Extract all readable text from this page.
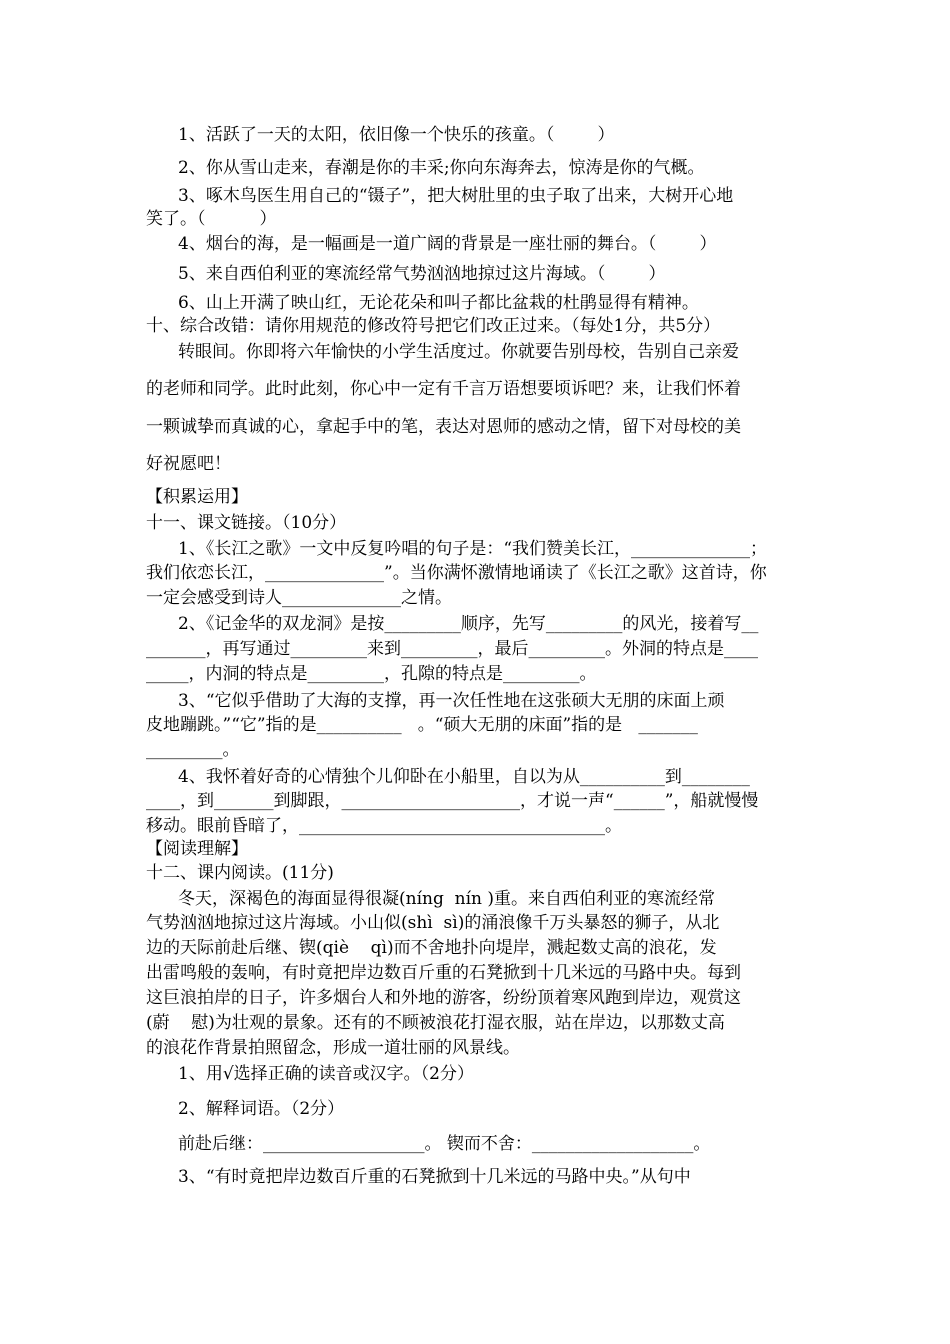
1、活跃了一天的太阳，依旧像一个快乐的孩童。（        ）
2、你从雪山走来，春潮是你的丰采;你向东海奔去，惊涛是你的气概。
3、啄木鸟医生用自己的“镊子”，把大树肚里的虫子取了出来，大树开心地
笑了。（          ）
4、烟台的海，是一幅画是一道广阔的背景是一座壮丽的舞台。（        ）
5、来自西伯利亚的寒流经常气势汹汹地掠过这片海域。（        ）
6、山上开满了映山红，无论花朵和叫子都比盆栽的杜鹃显得有精神。
十、综合改错：请你用规范的修改符号把它们改正过来。（每处1分，共5分）
转眼间。你即将六年愉快的小学生活度过。你就要告别母校，告别自己亲爱
的老师和同学。此时此刻，你心中一定有千言万语想要顷诉吧？来，让我们怀着
一颗诚挚而真诚的心，拿起手中的笔，表达对恩师的感动之情，留下对母校的美
好祝愿吧！
【积累运用】
十一、课文链接。（10分）
1、《长江之歌》一文中反复吟唱的句子是：“我们赞美长江，______________；
我们依恋长江，______________”。当你满怀激情地诵读了《长江之歌》这首诗，你
一定会感受到诗人______________之情。
2、《记金华的双龙洞》是按_________顺序，先写_________的风光，接着写__
_______，再写通过_________来到_________，最后_________。外洞的特点是____
_____，内洞的特点是_________，孔隙的特点是_________。
3、“它似乎借助了大海的支撑，再一次任性地在这张硕大无朋的床面上顽
皮地蹦跳。”“它”指的是__________   。“硕大无朋的床面”指的是   _______
_________。
4、我怀着好奇的心情独个儿仰卧在小船里，自以为从__________到________
____，到_______到脚跟，_____________________，才说一声“______”，船就慢慢
移动。眼前昏暗了，____________________________________。
【阅读理解】
十二、课内阅读。(11分)
冬天，深褐色的海面显得很凝(níng  nín )重。来自西伯利亚的寒流经常
气势汹汹地掠过这片海域。小山似(shì  sì)的涌浪像千万头暴怒的狮子，从北
边的天际前赴后继、锲(qiè    qì)而不舍地扑向堤岸，溅起数丈高的浪花，发
出雷鸣般的轰响，有时竟把岸边数百斤重的石凳掀到十几米远的马路中央。每到
这巨浪拍岸的日子，许多烟台人和外地的游客，纷纷顶着寒风跑到岸边，观赏这
(蔚    慰)为壮观的景象。还有的不顾被浪花打湿衣服，站在岸边，以那数丈高
的浪花作背景拍照留念，形成一道壮丽的风景线。
1、用√选择正确的读音或汉字。（2分）
2、解释词语。（2分）
前赴后继：___________________。 锲而不舍：___________________。
3、“有时竟把岸边数百斤重的石凳掀到十几米远的马路中央。”从句中
